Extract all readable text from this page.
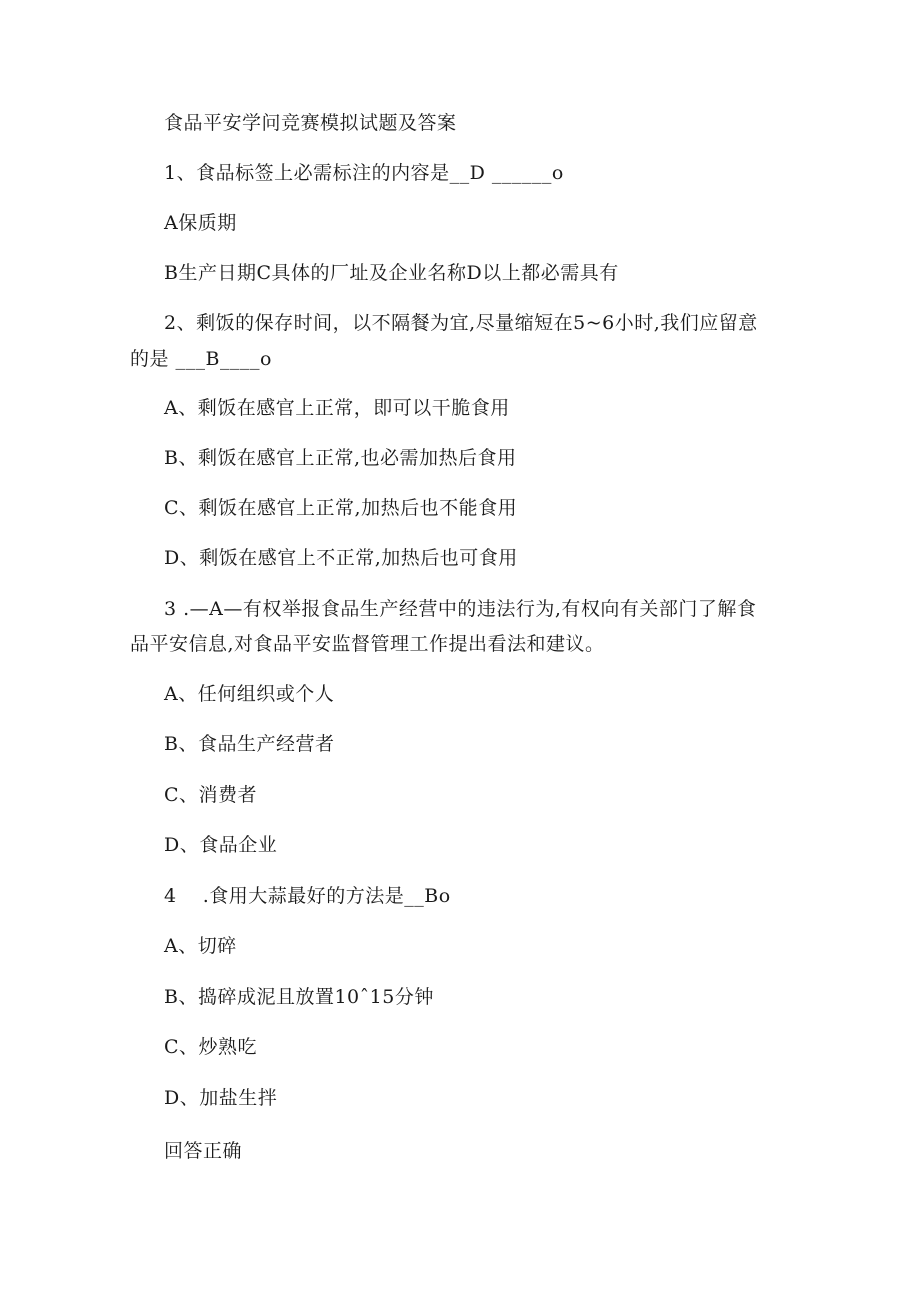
食品平安学问竞赛模拟试题及答案
1、食品标签上必需标注的内容是__D ______o
A保质期
B生产日期C具体的厂址及企业名称D以上都必需具有
2、剩饭的保存时间，以不隔餐为宜,尽量缩短在5~6小时,我们应留意
的是 ___B____o
A、剩饭在感官上正常，即可以干脆食用
B、剩饭在感官上正常,也必需加热后食用
C、剩饭在感官上正常,加热后也不能食用
D、剩饭在感官上不正常,加热后也可食用
3 .—A—有权举报食品生产经营中的违法行为,有权向有关部门了解食
品平安信息,对食品平安监督管理工作提出看法和建议。
A、任何组织或个人
B、食品生产经营者
C、消费者
D、食品企业
4    .食用大蒜最好的方法是__Bo
A、切碎
B、捣碎成泥且放置10ˆ15分钟
C、炒熟吃
D、加盐生拌
回答正确
